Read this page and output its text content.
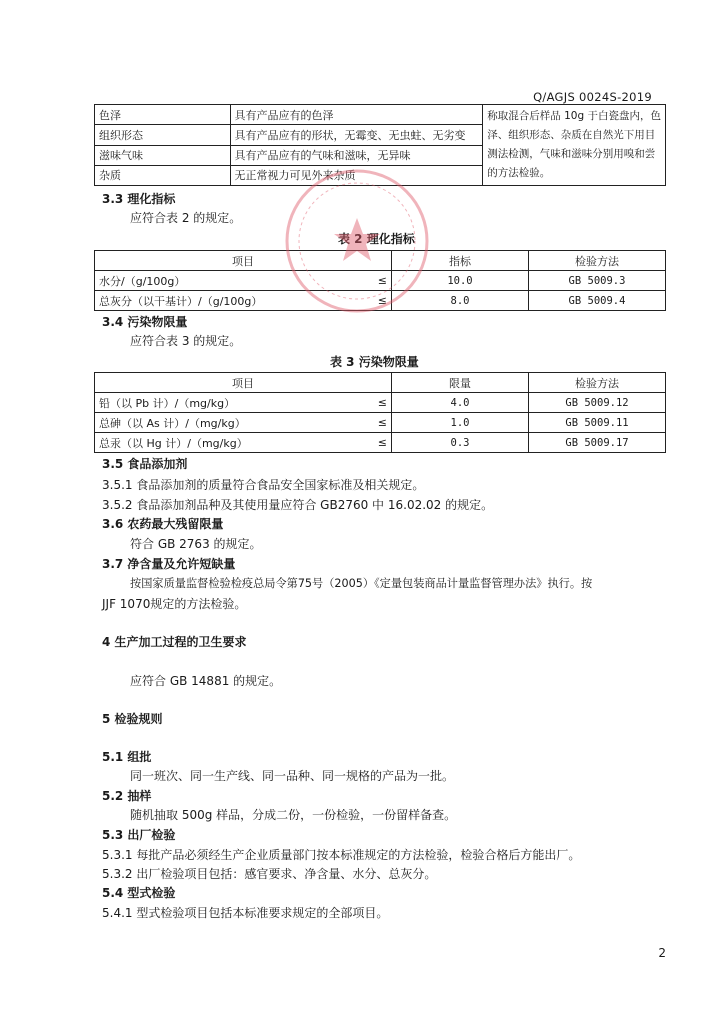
Q/AGJS 0024S-2019
色泽	具有产品应有的色泽	称取混合后样品 10g 于白瓷盘内，色
泽、组织形态、杂质在自然光下用目
测法检测，气味和滋味分别用嗅和尝
的方法检验。

组织形态	具有产品应有的形状，无霉变、无虫蛀、无劣变	
滋味气味	具有产品应有的气味和滋味，无异味	
杂质	无正常视力可见外来杂质	
3.3 理化指标
应符合表 2 的规定。
表 2 理化指标
项目		指标	检验方法
水分/（g/100g）	≤	10.0	GB 5009.3
总灰分（以干基计）/（g/100g）	≤	8.0	GB 5009.4
3.4 污染物限量
应符合表 3 的规定。
表 3 污染物限量
项目		限量	检验方法
铅（以 Pb 计）/（mg/kg）	≤	4.0	GB 5009.12
总砷（以 As 计）/（mg/kg）	≤	1.0	GB 5009.11
总汞（以 Hg 计）/（mg/kg）	≤	0.3	GB 5009.17
3.5 食品添加剂
3.5.1 食品添加剂的质量符合食品安全国家标准及相关规定。
3.5.2 食品添加剂品种及其使用量应符合 GB2760 中 16.02.02 的规定。
3.6 农药最大残留限量
符合 GB 2763 的规定。
3.7 净含量及允许短缺量
按国家质量监督检验检疫总局令第75号（2005）《定量包装商品计量监督管理办法》执行。按
JJF 1070规定的方法检验。
4 生产加工过程的卫生要求
应符合 GB 14881 的规定。
5 检验规则
5.1 组批
同一班次、同一生产线、同一品种、同一规格的产品为一批。
5.2 抽样
随机抽取 500g 样品，分成二份，一份检验，一份留样备查。
5.3 出厂检验
5.3.1 每批产品必须经生产企业质量部门按本标准规定的方法检验，检验合格后方能出厂。
5.3.2 出厂检验项目包括：感官要求、净含量、水分、总灰分。
5.4 型式检验
5.4.1 型式检验项目包括本标准要求规定的全部项目。
2
